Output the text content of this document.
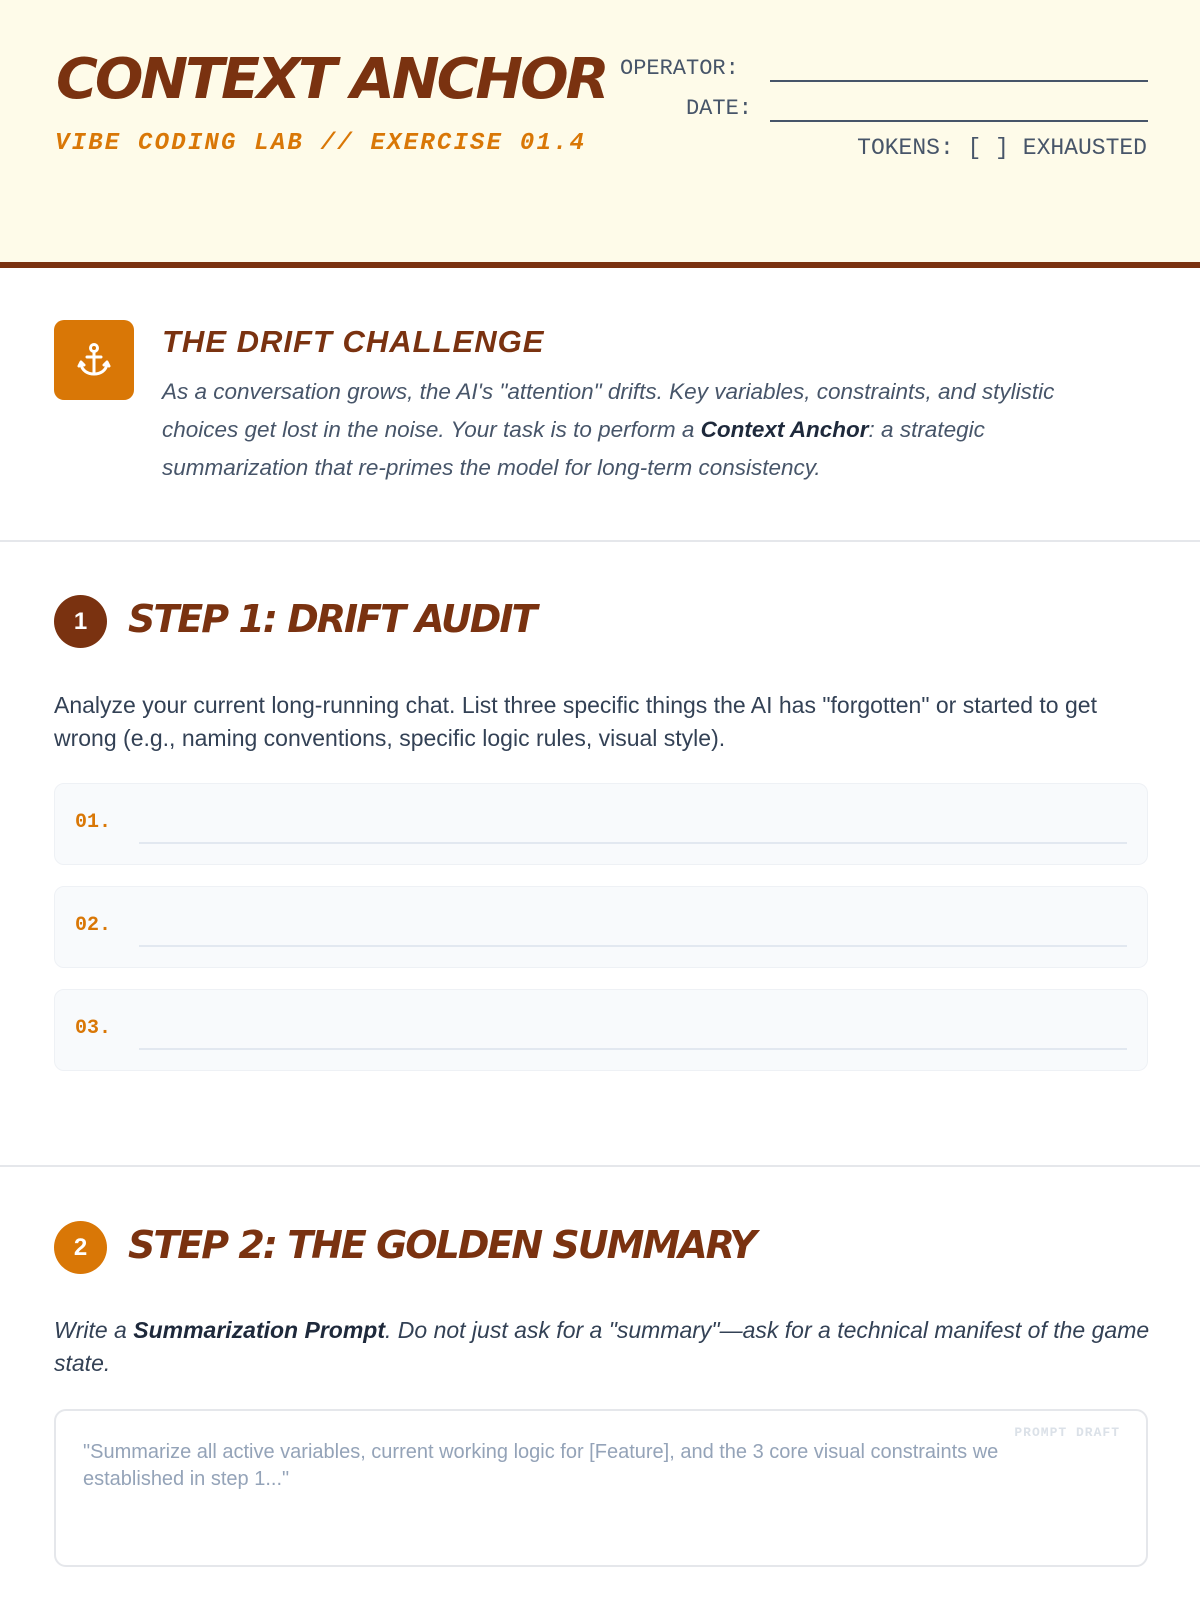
CONTEXT ANCHOR
VIBE CODING LAB // EXERCISE 01.4
OPERATOR:
DATE:
TOKENS: [ ] EXHAUSTED
THE DRIFT CHALLENGE
As a conversation grows, the AI's "attention" drifts. Key variables, constraints, and stylistic choices get lost in the noise. Your task is to perform a Context Anchor: a strategic summarization that re-primes the model for long-term consistency.
1	STEP 1: DRIFT AUDIT
Analyze your current long-running chat. List three specific things the AI has "forgotten" or started to get wrong (e.g., naming conventions, specific logic rules, visual style).
01.
02.
03.
2	STEP 2: THE GOLDEN SUMMARY
Write a Summarization Prompt. Do not just ask for a "summary"—ask for a technical manifest of the game state.
PROMPT DRAFT
"Summarize all active variables, current working logic for [Feature], and the 3 core visual constraints we established in step 1..."
